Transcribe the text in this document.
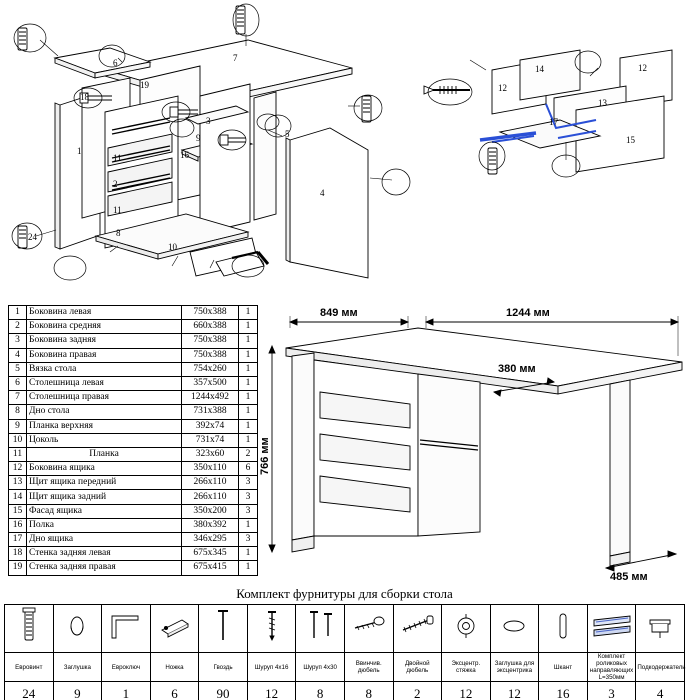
6	7
19
18
1
11
2
11
8
10
16
9
3
5
4
24
14
12
12
13
17
15
1	Боковина левая	750x388	1
2	Боковина средняя	660x388	1
3	Боковина задняя	750x388	1
4	Боковина правая	750x388	1
5	Вязка стола	754x260	1
6	Столешница левая	357x500	1
7	Столешница правая	1244x492	1
8	Дно стола	731x388	1
9	Планка верхняя	392x74	1
10	Цоколь	731x74	1
11	Планка	323x60	2
12	Боковина ящика	350x110	6
13	Щит ящика передний	266x110	3
14	Щит ящика задний	266x110	3
15	Фасад ящика	350x200	3
16	Полка	380x392	1
17	Дно ящика	346x295	3
18	Стенка задняя левая	675x345	1
19	Стенка задняя правая	675x415	1
849 мм	1244 мм
380 мм
485 мм
766 мм
Комплект фурнитуры для сборки стола

Евровинт	Заглушка	Евроключ	Ножка	Гвоздь	Шуруп 4х16	Шуруп 4х30	Ввинчив. дюбель	Двойной дюбель	Эксцентр. стяжка	Заглушка для эксцентрика	Шкант	Комплект роликовых направляющих L=350мм	Подкодержатель
24	9	1	6	90	12	8	8	2	12	12	16	3	4
